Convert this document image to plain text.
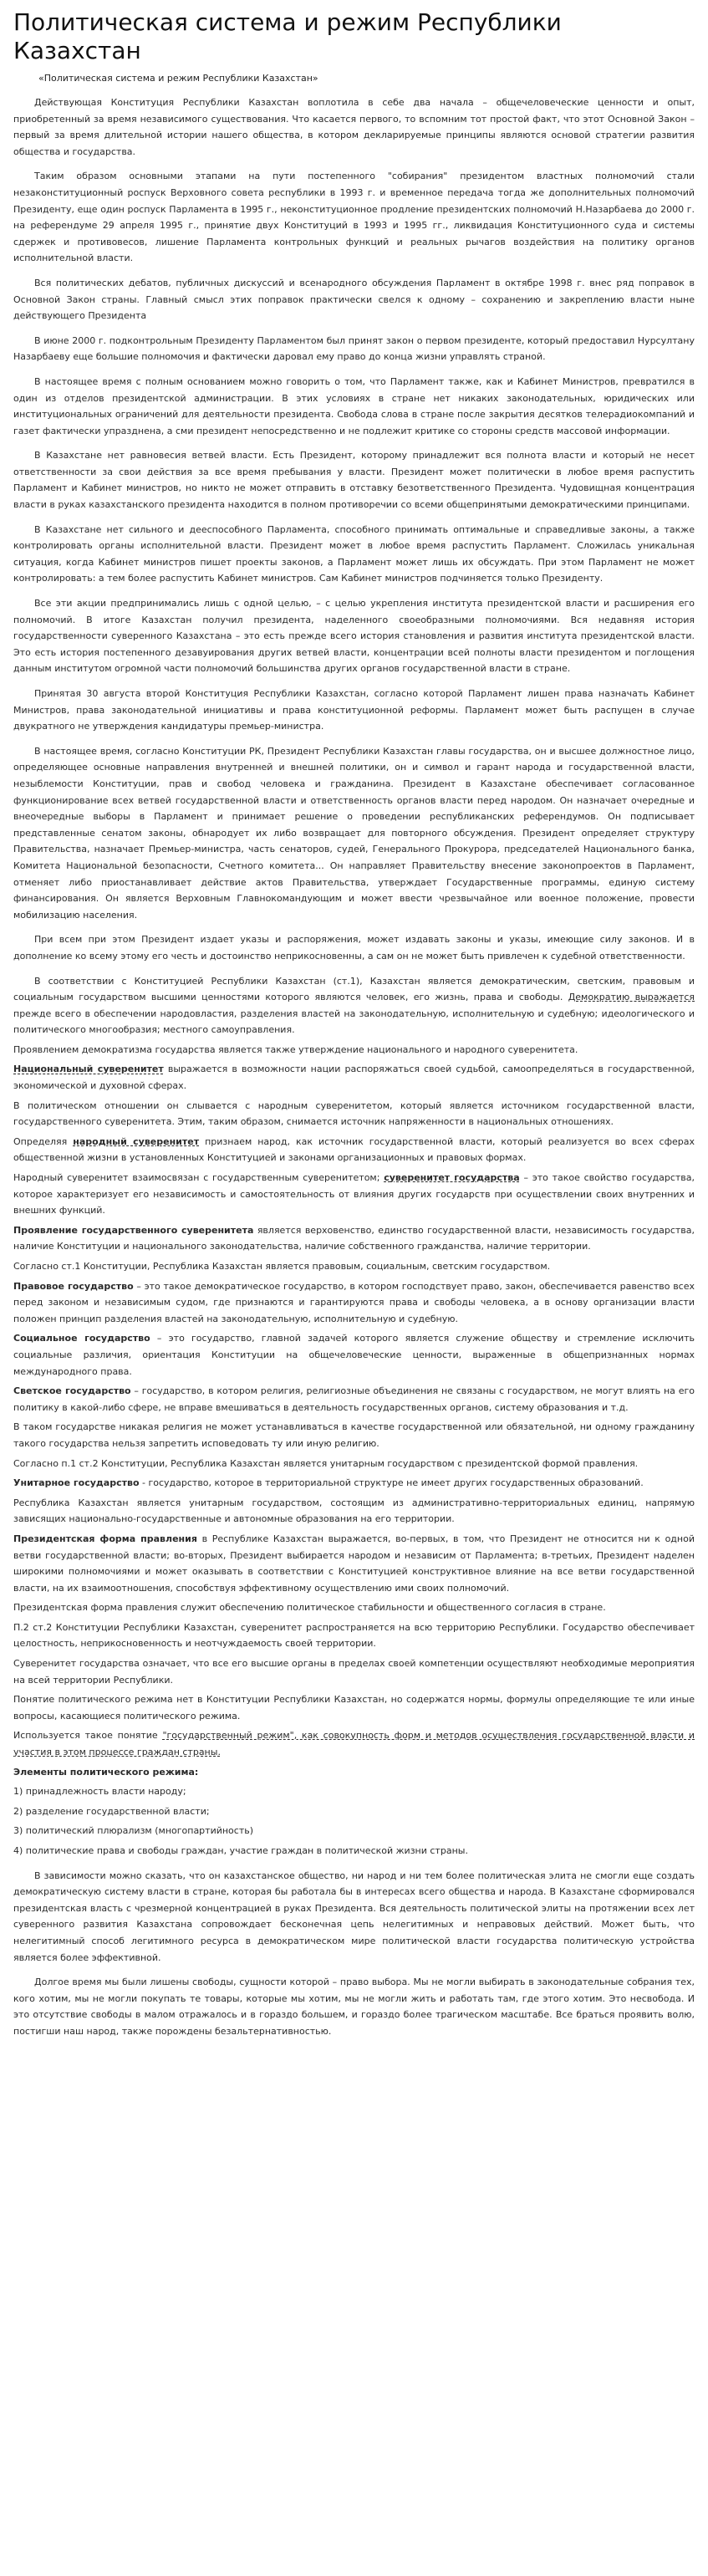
Политическая система и режим Республики Казахстан
«Политическая система и режим Республики Казахстан»

Действующая Конституция Республики Казахстан воплотила в себе два начала – общечеловеческие ценности и опыт, приобретенный за время независимого существования. Что касается первого, то вспомним тот простой факт, что этот Основной Закон – первый за время длительной истории нашего общества, в котором декларируемые принципы являются основой стратегии развития общества и государства.

Таким образом основными этапами на пути постепенного "собирания" президентом властных полномочий стали незаконституционный роспуск Верховного совета республики в 1993 г. и временное передача тогда же дополнительных полномочий Президенту, еще один роспуск Парламента в 1995 г., неконституционное продление президентских полномочий Н.Назарбаева до 2000 г. на референдуме 29 апреля 1995 г., принятие двух Конституций в 1993 и 1995 гг., ликвидация Конституционного суда и системы сдержек и противовесов, лишение Парламента контрольных функций и реальных рычагов воздействия на политику органов исполнительной власти.

Вся политических дебатов, публичных дискуссий и всенародного обсуждения Парламент в октябре 1998 г. внес ряд поправок в Основной Закон страны. Главный смысл этих поправок практически свелся к одному – сохранению и закреплению власти ныне действующего Президента

В июне 2000 г. подконтрольным Президенту Парламентом был принят закон о первом президенте, который предоставил Нурсултану Назарбаеву еще большие полномочия и фактически даровал ему право до конца жизни управлять страной.

В настоящее время с полным основанием можно говорить о том, что Парламент также, как и Кабинет Министров, превратился в один из отделов президентской администрации. В этих условиях в стране нет никаких законодательных, юридических или институциональных ограничений для деятельности президента. Свобода слова в стране после закрытия десятков телерадиокомпаний и газет фактически упразднена, а сми президент непосредственно и не подлежит критике со стороны средств массовой информации.

В Казахстане нет равновесия ветвей власти. Есть Президент, которому принадлежит вся полнота власти и который не несет ответственности за свои действия за все время пребывания у власти. Президент может политически в любое время распустить Парламент и Кабинет министров, но никто не может отправить в отставку безответственного Президента. Чудовищная концентрация власти в руках казахстанского президента находится в полном противоречии со всеми общепринятыми демократическими принципами.

В Казахстане нет сильного и дееспособного Парламента, способного принимать оптимальные и справедливые законы, а также контролировать органы исполнительной власти. Президент может в любое время распустить Парламент. Сложилась уникальная ситуация, когда Кабинет министров пишет проекты законов, а Парламент может лишь их обсуждать. При этом Парламент не может контролировать: а тем более распустить Кабинет министров. Сам Кабинет министров подчиняется только Президенту.

Все эти акции предпринимались лишь с одной целью, – с целью укрепления института президентской власти и расширения его полномочий. В итоге Казахстан получил президента, наделенного своеобразными полномочиями. Вся недавняя история государственности суверенного Казахстана – это есть прежде всего история становления и развития института президентской власти. Это есть история постепенного дезавуирования других ветвей власти, концентрации всей полноты власти президентом и поглощения данным институтом огромной части полномочий большинства других органов государственной власти в стране.

Принятая 30 августа второй Конституция Республики Казахстан, согласно которой Парламент лишен права назначать Кабинет Министров, права законодательной инициативы и права конституционной реформы. Парламент может быть распущен в случае двукратного не утверждения кандидатуры премьер-министра.

В настоящее время, согласно Конституции РК, Президент Республики Казахстан главы государства, он и высшее должностное лицо, определяющее основные направления внутренней и внешней политики, он и символ и гарант народа и государственной власти, незыблемости Конституции, прав и свобод человека и гражданина. Президент в Казахстане обеспечивает согласованное функционирование всех ветвей государственной власти и ответственность органов власти перед народом. Он назначает очередные и внеочередные выборы в Парламент и принимает решение о проведении республиканских референдумов. Он подписывает представленные сенатом законы, обнародует их либо возвращает для повторного обсуждения. Президент определяет структуру Правительства, назначает Премьер-министра, часть сенаторов, судей, Генерального Прокурора, председателей Национального банка, Комитета Национальной безопасности, Счетного комитета... Он направляет Правительству внесение законопроектов в Парламент, отменяет либо приостанавливает действие актов Правительства, утверждает Государственные программы, единую систему финансирования. Он является Верховным Главнокомандующим и может ввести чрезвычайное или военное положение, провести мобилизацию населения.

При всем при этом Президент издает указы и распоряжения, может издавать законы и указы, имеющие силу законов. И в дополнение ко всему этому его честь и достоинство неприкосновенны, а сам он не может быть привлечен к судебной ответственности.

В соответствии с Конституцией Республики Казахстан (ст.1), Казахстан является демократическим, светским, правовым и социальным государством высшими ценностями которого являются человек, его жизнь, права и свободы. Демократию выражается прежде всего в обеспечении народовластия, разделения властей на законодательную, исполнительную и судебную; идеологического и политического многообразия; местного самоуправления.

Проявлением демократизма государства является также утверждение национального и народного суверенитета.

Национальный суверенитет выражается в возможности нации распоряжаться своей судьбой, самоопределяться в государственной, экономической и духовной сферах.

В политическом отношении он слывается с народным суверенитетом, который является источником государственной власти, государственного суверенитета. Этим, таким образом, снимается источник напряженности в национальных отношениях.

Определяя народный суверенитет признаем народ, как источник государственной власти, который реализуется во всех сферах общественной жизни в установленных Конституцией и законами организационных и правовых формах.

Народный суверенитет взаимосвязан с государственным суверенитетом; суверенитет государства – это такое свойство государства, которое характеризует его независимость и самостоятельность от влияния других государств при осуществлении своих внутренних и внешних функций.

Проявление государственного суверенитета является верховенство, единство государственной власти, независимость государства, наличие Конституции и национального законодательства, наличие собственного гражданства, наличие территории.

Согласно ст.1 Конституции, Республика Казахстан является правовым, социальным, светским государством.

Правовое государство – это такое демократическое государство, в котором господствует право, закон, обеспечивается равенство всех перед законом и независимым судом, где признаются и гарантируются права и свободы человека, а в основу организации власти положен принцип разделения властей на законодательную, исполнительную и судебную.

Социальное государство – это государство, главной задачей которого является служение обществу и стремление исключить социальные различия, ориентация Конституции на общечеловеческие ценности, выраженные в общепризнанных нормах международного права.

Светское государство – государство, в котором религия, религиозные объединения не связаны с государством, не могут влиять на его политику в какой-либо сфере, не вправе вмешиваться в деятельность государственных органов, систему образования и т.д.

В таком государстве никакая религия не может устанавливаться в качестве государственной или обязательной, ни одному гражданину такого государства нельзя запретить исповедовать ту или иную религию.

Согласно п.1 ст.2 Конституции, Республика Казахстан является унитарным государством с президентской формой правления.

Унитарное государство - государство, которое в территориальной структуре не имеет других государственных образований.

Республика Казахстан является унитарным государством, состоящим из административно-территориальных единиц, напрямую зависящих национально-государственные и автономные образования на его территории.

Президентская форма правления в Республике Казахстан выражается, во-первых, в том, что Президент не относится ни к одной ветви государственной власти; во-вторых, Президент выбирается народом и независим от Парламента; в-третьих, Президент наделен широкими полномочиями и может оказывать в соответствии с Конституцией конструктивное влияние на все ветви государственной власти, на их взаимоотношения, способствуя эффективному осуществлению ими своих полномочий.

Президентская форма правления служит обеспечению политическое стабильности и общественного согласия в стране.

П.2 ст.2 Конституции Республики Казахстан, суверенитет распространяется на всю территорию Республики. Государство обеспечивает целостность, неприкосновенность и неотчуждаемость своей территории.

Суверенитет государства означает, что все его высшие органы в пределах своей компетенции осуществляют необходимые мероприятия на всей территории Республики.

Понятие политического режима нет в Конституции Республики Казахстан, но содержатся нормы, формулы определяющие те или иные вопросы, касающиеся политического режима.

Используется такое понятие "государственный режим", как совокупность форм и методов осуществления государственной власти и участия в этом процессе граждан страны.

Элементы политического режима:

1) принадлежность власти народу;

2) разделение государственной власти;

3) политический плюрализм (многопартийность)

4) политические права и свободы граждан, участие граждан в политической жизни страны.

В зависимости можно сказать, что он казахстанское общество, ни народ и ни тем более политическая элита не смогли еще создать демократическую систему власти в стране, которая бы работала бы в интересах всего общества и народа. В Казахстане сформировался президентская власть с чрезмерной концентрацией в руках Президента. Вся деятельность политической элиты на протяжении всех лет суверенного развития Казахстана сопровождает бесконечная цепь нелегитимных и неправовых действий. Может быть, что нелегитимный способ легитимного ресурса в демократическом мире политической власти государства политическую устройства является более эффективной.

Долгое время мы были лишены свободы, сущности которой – право выбора. Мы не могли выбирать в законодательные собрания тех, кого хотим, мы не могли покупать те товары, которые мы хотим, мы не могли жить и работать там, где этого хотим. Это несвобода. И это отсутствие свободы в малом отражалось и в гораздо большем, и гораздо более трагическом масштабе. Все браться проявить волю, постигши наш народ, также порождены безальтернативностью.
